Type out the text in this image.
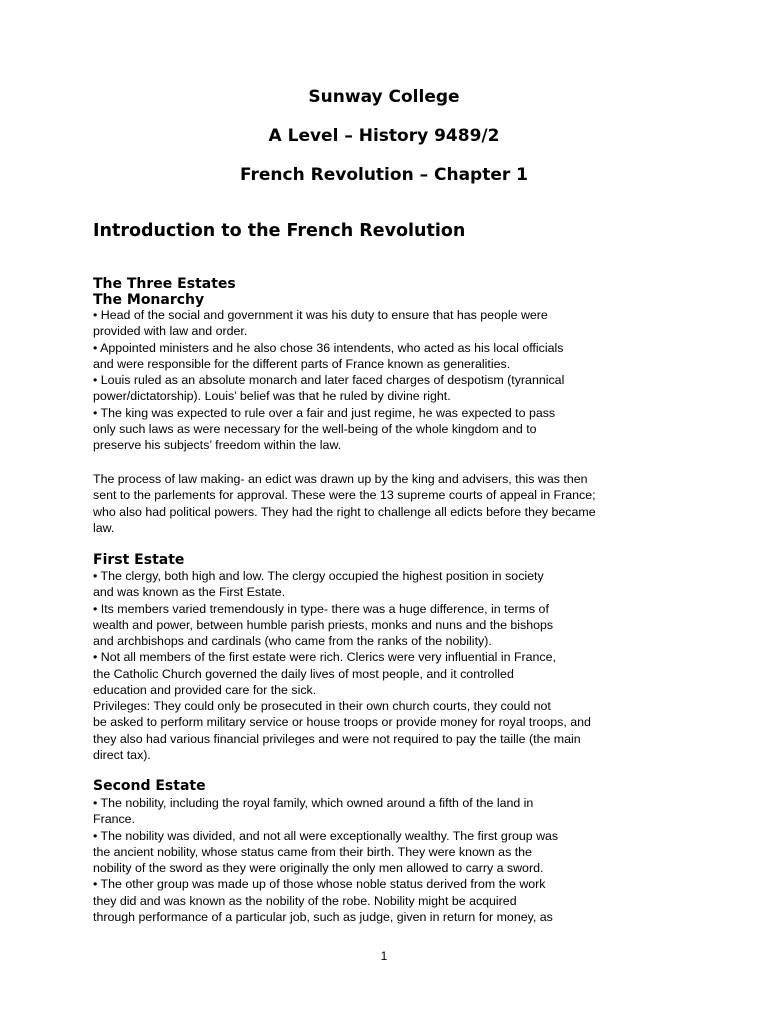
Sunway College
A Level – History 9489/2
French Revolution – Chapter 1
Introduction to the French Revolution
The Three Estates
The Monarchy
• Head of the social and government it was his duty to ensure that has people were
provided with law and order.
• Appointed ministers and he also chose 36 intendents, who acted as his local officials
and were responsible for the different parts of France known as generalities.
• Louis ruled as an absolute monarch and later faced charges of despotism (tyrannical
power/dictatorship). Louis’ belief was that he ruled by divine right.
• The king was expected to rule over a fair and just regime, he was expected to pass
only such laws as were necessary for the well-being of the whole kingdom and to
preserve his subjects’ freedom within the law.
The process of law making- an edict was drawn up by the king and advisers, this was then
sent to the parlements for approval. These were the 13 supreme courts of appeal in France;
who also had political powers. They had the right to challenge all edicts before they became
law.
First Estate
• The clergy, both high and low. The clergy occupied the highest position in society
and was known as the First Estate.
• Its members varied tremendously in type- there was a huge difference, in terms of
wealth and power, between humble parish priests, monks and nuns and the bishops
and archbishops and cardinals (who came from the ranks of the nobility).
• Not all members of the first estate were rich. Clerics were very influential in France,
the Catholic Church governed the daily lives of most people, and it controlled
education and provided care for the sick.
Privileges: They could only be prosecuted in their own church courts, they could not
be asked to perform military service or house troops or provide money for royal troops, and
they also had various financial privileges and were not required to pay the taille (the main
direct tax).
Second Estate
• The nobility, including the royal family, which owned around a fifth of the land in
France.
• The nobility was divided, and not all were exceptionally wealthy. The first group was
the ancient nobility, whose status came from their birth. They were known as the
nobility of the sword as they were originally the only men allowed to carry a sword.
• The other group was made up of those whose noble status derived from the work
they did and was known as the nobility of the robe. Nobility might be acquired
through performance of a particular job, such as judge, given in return for money, as
1
